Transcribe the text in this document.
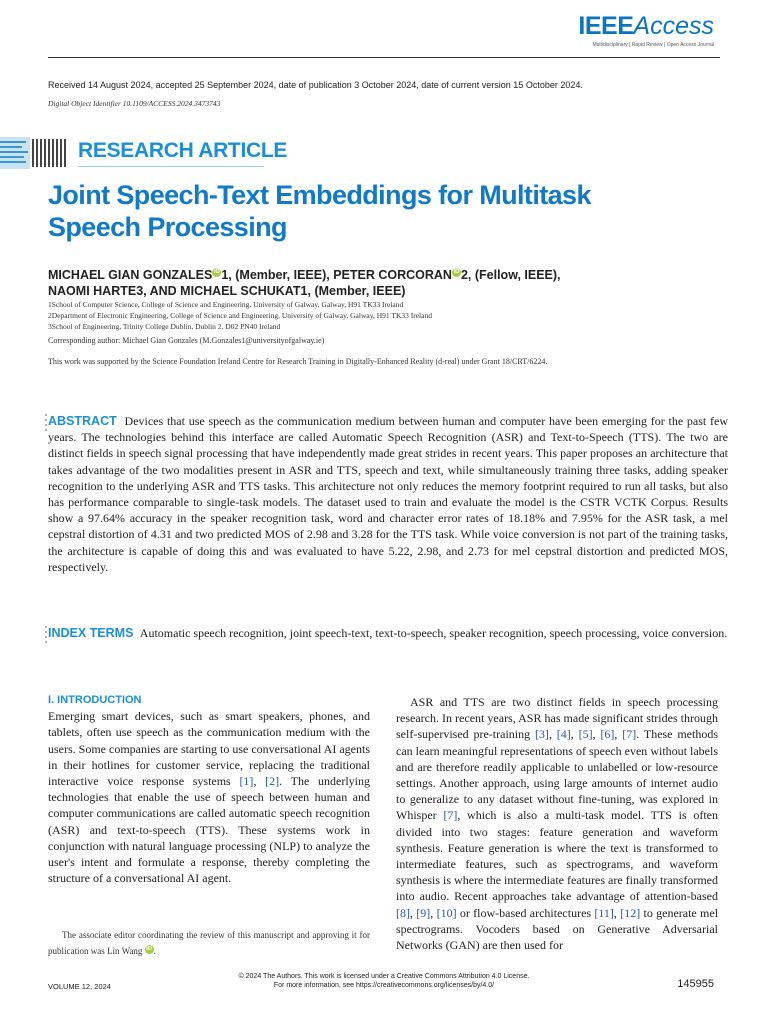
IEEEAccess
Multidisciplinary | Rapid Review | Open Access Journal
Received 14 August 2024, accepted 25 September 2024, date of publication 3 October 2024, date of current version 15 October 2024.
Digital Object Identifier 10.1109/ACCESS.2024.3473743
RESEARCH ARTICLE
Joint Speech-Text Embeddings for Multitask
Speech Processing
MICHAEL GIAN GONZALES iD 1, (Member, IEEE), PETER CORCORAN iD 2, (Fellow, IEEE),
NAOMI HARTE3, AND MICHAEL SCHUKAT1, (Member, IEEE)
1School of Computer Science, College of Science and Engineering, University of Galway, Galway, H91 TK33 Ireland
2Department of Electronic Engineering, College of Science and Engineering, University of Galway, Galway, H91 TK33 Ireland
3School of Engineering, Trinity College Dublin, Dublin 2, D02 PN40 Ireland
Corresponding author: Michael Gian Gonzales (M.Gonzales1@universityofgalway.ie)
This work was supported by the Science Foundation Ireland Centre for Research Training in Digitally-Enhanced Reality (d-real) under Grant 18/CRT/6224.
ABSTRACT Devices that use speech as the communication medium between human and computer have been emerging for the past few years. The technologies behind this interface are called Automatic Speech Recognition (ASR) and Text-to-Speech (TTS). The two are distinct fields in speech signal processing that have independently made great strides in recent years. This paper proposes an architecture that takes advantage of the two modalities present in ASR and TTS, speech and text, while simultaneously training three tasks, adding speaker recognition to the underlying ASR and TTS tasks. This architecture not only reduces the memory footprint required to run all tasks, but also has performance comparable to single-task models. The dataset used to train and evaluate the model is the CSTR VCTK Corpus. Results show a 97.64% accuracy in the speaker recognition task, word and character error rates of 18.18% and 7.95% for the ASR task, a mel cepstral distortion of 4.31 and two predicted MOS of 2.98 and 3.28 for the TTS task. While voice conversion is not part of the training tasks, the architecture is capable of doing this and was evaluated to have 5.22, 2.98, and 2.73 for mel cepstral distortion and predicted MOS, respectively.
INDEX TERMS Automatic speech recognition, joint speech-text, text-to-speech, speaker recognition, speech processing, voice conversion.
I. INTRODUCTION
Emerging smart devices, such as smart speakers, phones, and tablets, often use speech as the communication medium with the users. Some companies are starting to use conversational AI agents in their hotlines for customer service, replacing the traditional interactive voice response systems [1], [2]. The underlying technologies that enable the use of speech between human and computer communications are called automatic speech recognition (ASR) and text-to-speech (TTS). These systems work in conjunction with natural language processing (NLP) to analyze the user's intent and formulate a response, thereby completing the structure of a conversational AI agent.
ASR and TTS are two distinct fields in speech processing research. In recent years, ASR has made significant strides through self-supervised pre-training [3], [4], [5], [6], [7]. These methods can learn meaningful representations of speech even without labels and are therefore readily applicable to unlabelled or low-resource settings. Another approach, using large amounts of internet audio to generalize to any dataset without fine-tuning, was explored in Whisper [7], which is also a multi-task model. TTS is often divided into two stages: feature generation and waveform synthesis. Feature generation is where the text is transformed to intermediate features, such as spectrograms, and waveform synthesis is where the intermediate features are finally transformed into audio. Recent approaches take advantage of attention-based [8], [9], [10] or flow-based architectures [11], [12] to generate mel spectrograms. Vocoders based on Generative Adversarial Networks (GAN) are then used for
The associate editor coordinating the review of this manuscript and approving it for publication was Lin Wang iD .
© 2024 The Authors. This work is licensed under a Creative Commons Attribution 4.0 License.
For more information, see https://creativecommons.org/licenses/by/4.0/
VOLUME 12, 2024	145955
